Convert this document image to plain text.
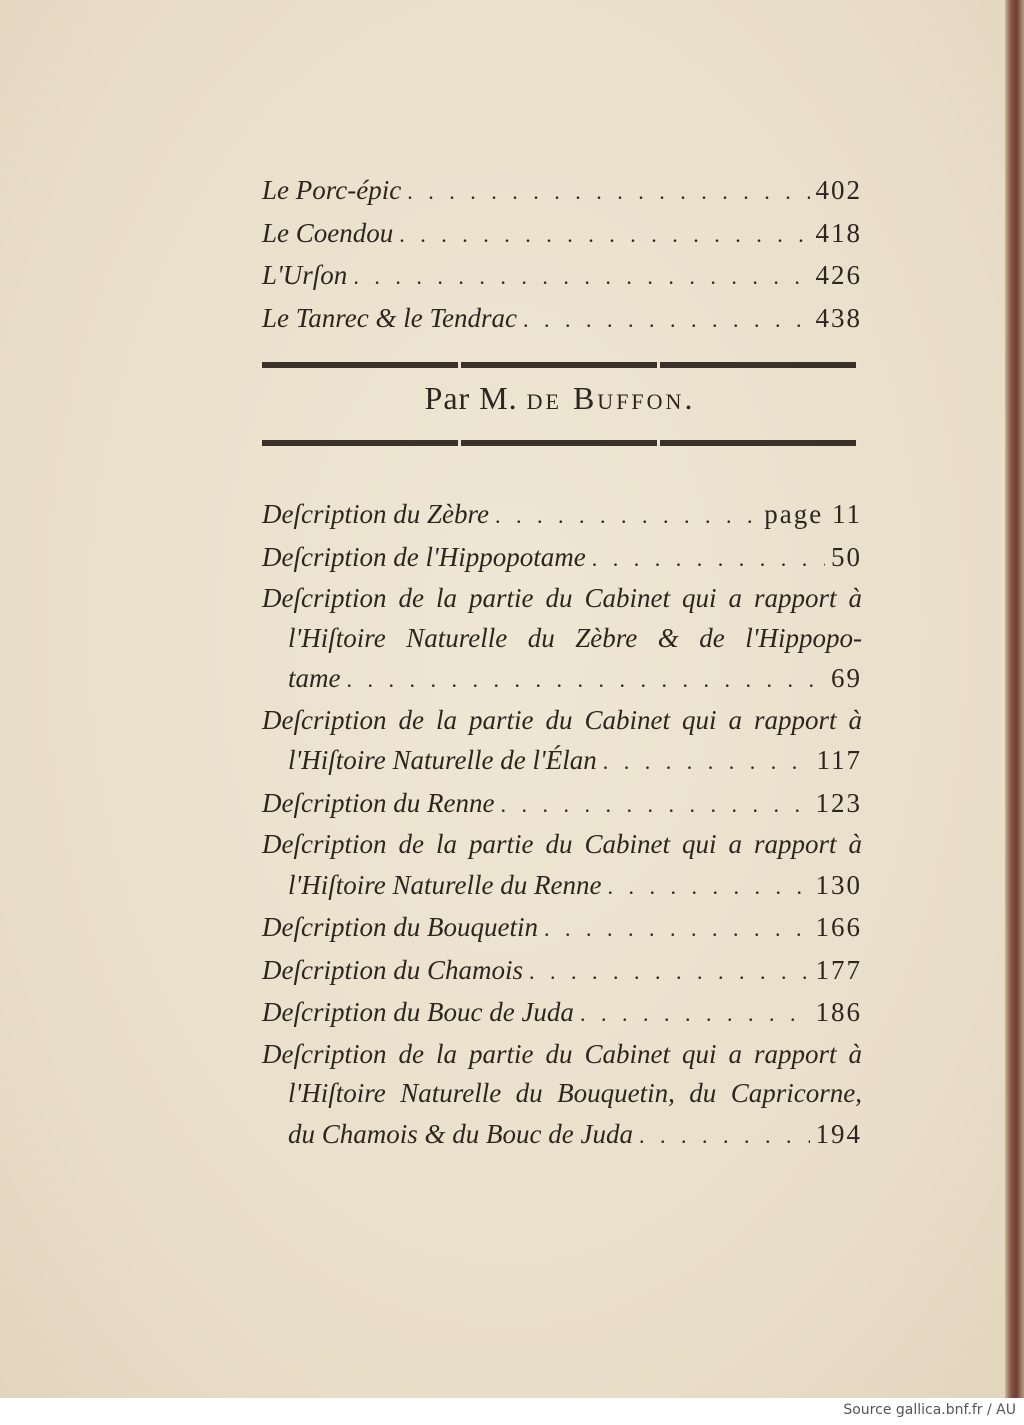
Source gallica.bnf.fr / AU
Le Porc-épic . . .	402
Le Coendou . . .	418
L'Urſon . . .	426
Le Tanrec & le Tendrac . . .	438
Par M. de Buffon.
Deſcription du Zèbre . . .	page 11
Deſcription de l'Hippopotame . . .	50
Deſcription de la partie du Cabinet qui a rapport à
l'Hiſtoire Naturelle du Zèbre & de l'Hippopo-
tame . . .	69
Deſcription de la partie du Cabinet qui a rapport à
l'Hiſtoire Naturelle de l'Élan . . .	117
Deſcription du Renne . . .	123
Deſcription de la partie du Cabinet qui a rapport à
l'Hiſtoire Naturelle du Renne . . .	130
Deſcription du Bouquetin . . .	166
Deſcription du Chamois . . .	177
Deſcription du Bouc de Juda . . .	186
Deſcription de la partie du Cabinet qui a rapport à
l'Hiſtoire Naturelle du Bouquetin, du Capricorne,
du Chamois & du Bouc de Juda . . .	194
